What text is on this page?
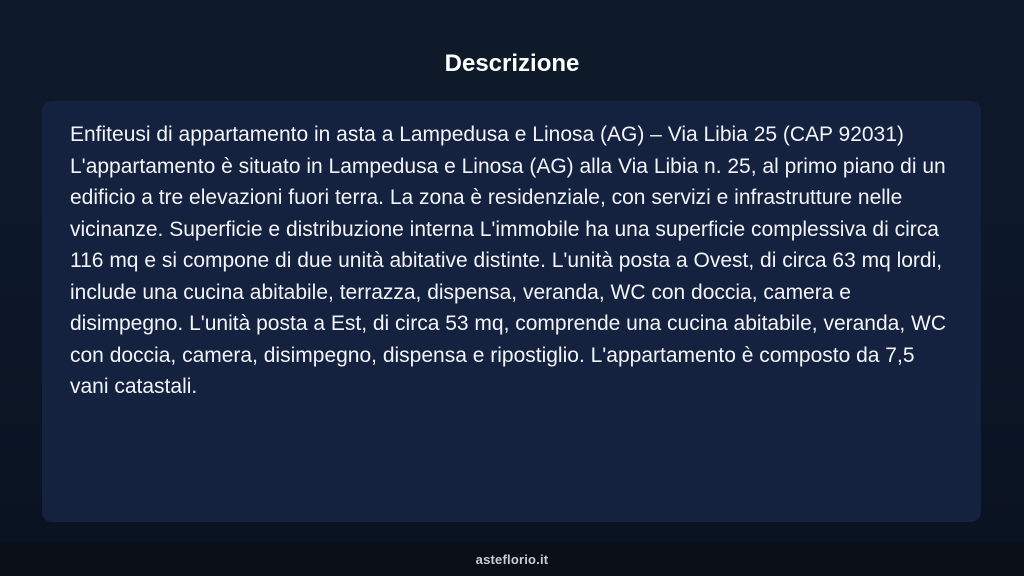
Descrizione

Enfiteusi di appartamento in asta a Lampedusa e Linosa (AG) – Via Libia 25 (CAP 92031) L'appartamento è situato in Lampedusa e Linosa (AG) alla Via Libia n. 25, al primo piano di un edificio a tre elevazioni fuori terra. La zona è residenziale, con servizi e infrastrutture nelle vicinanze. Superficie e distribuzione interna L'immobile ha una superficie complessiva di circa 116 mq e si compone di due unità abitative distinte. L'unità posta a Ovest, di circa 63 mq lordi, include una cucina abitabile, terrazza, dispensa, veranda, WC con doccia, camera e disimpegno. L'unità posta a Est, di circa 53 mq, comprende una cucina abitabile, veranda, WC con doccia, camera, disimpegno, dispensa e ripostiglio. L'appartamento è composto da 7,5 vani catastali.

asteflorio.it
